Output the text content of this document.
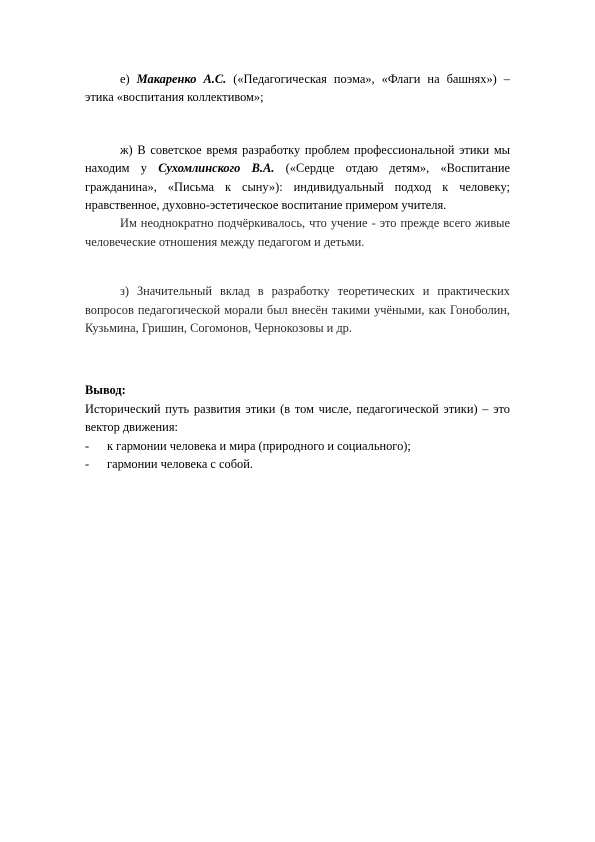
е) Макаренко А.С. («Педагогическая поэма», «Флаги на башнях») – этика «воспитания коллективом»;

ж) В советское время разработку проблем профессиональной этики мы находим у Сухомлинского В.А. («Сердце отдаю детям», «Воспитание гражданина», «Письма к сыну»): индивидуальный подход к человеку; нравственное, духовно-эстетическое воспитание примером учителя.

Им неоднократно подчёркивалось, что учение - это прежде всего живые человеческие отношения между педагогом и детьми.

з) Значительный вклад в разработку теоретических и практических вопросов педагогической морали был внесён такими учёными, как Гоноболин, Кузьмина, Гришин, Согомонов, Чернокозовы и др.

Вывод:

Исторический путь развития этики (в том числе, педагогической этики) – это вектор движения:

-	к гармонии человека и мира (природного и социального);
-	гармонии человека с собой.
